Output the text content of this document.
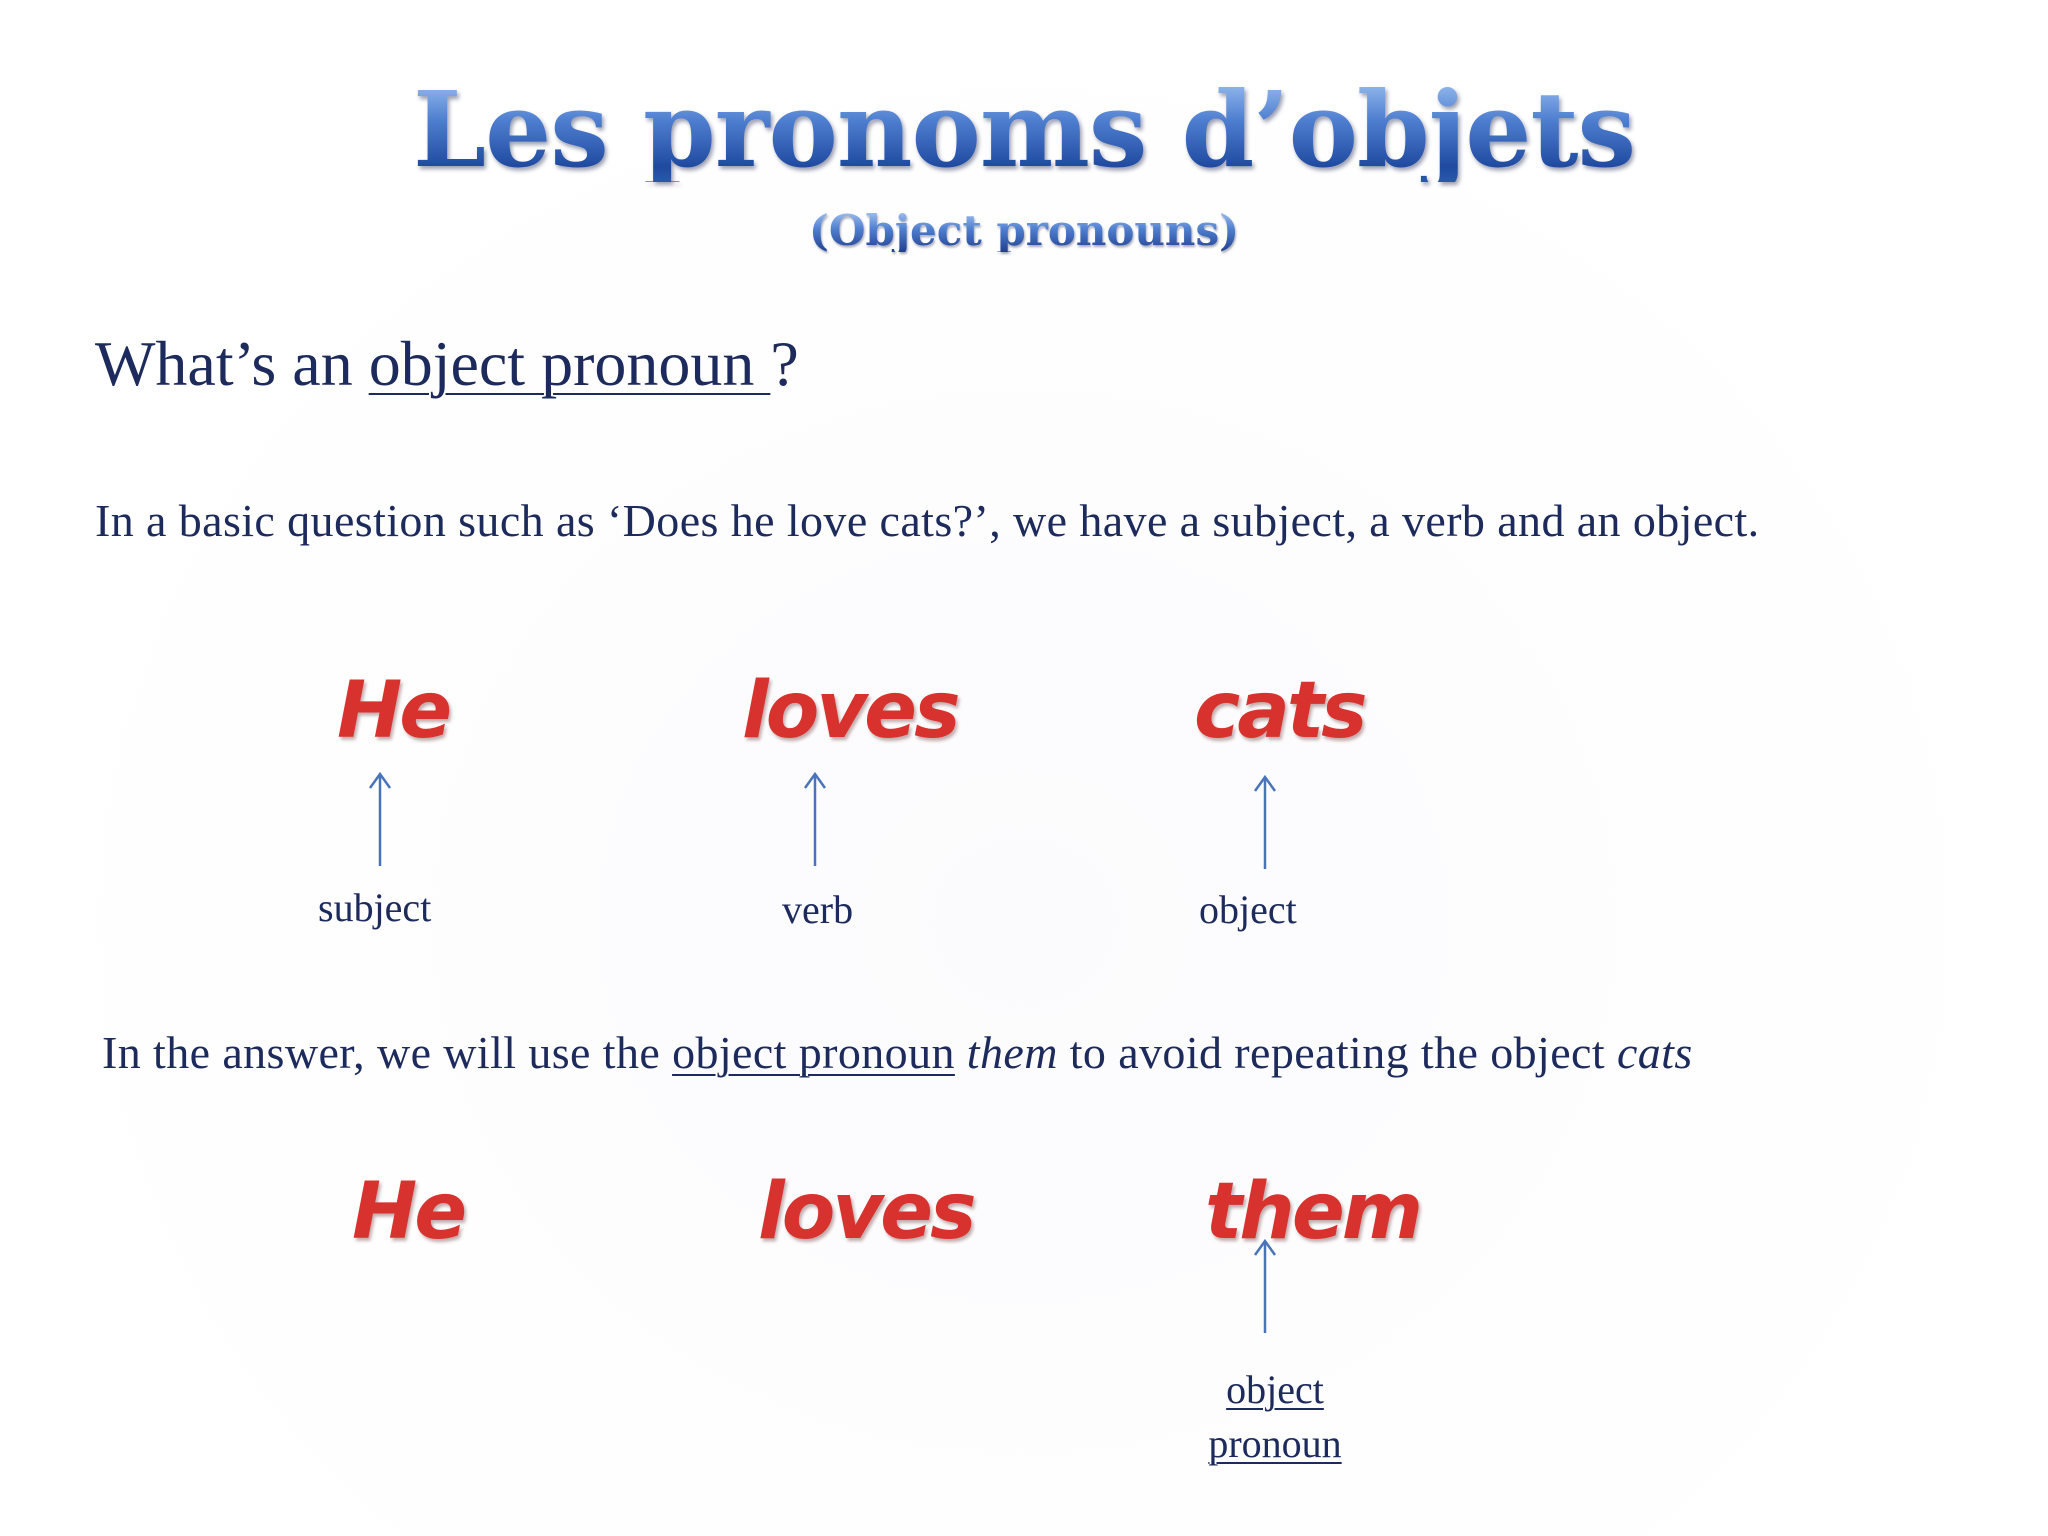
Les pronoms d’objets
(Object pronouns)
What’s an object pronoun ?
In a basic question such as ‘Does he love cats?’, we have a subject, a verb and an object.
He	loves	cats
subject	verb	object
In the answer, we will use the object pronoun them to avoid repeating the object cats
He	loves	them
object
pronoun
